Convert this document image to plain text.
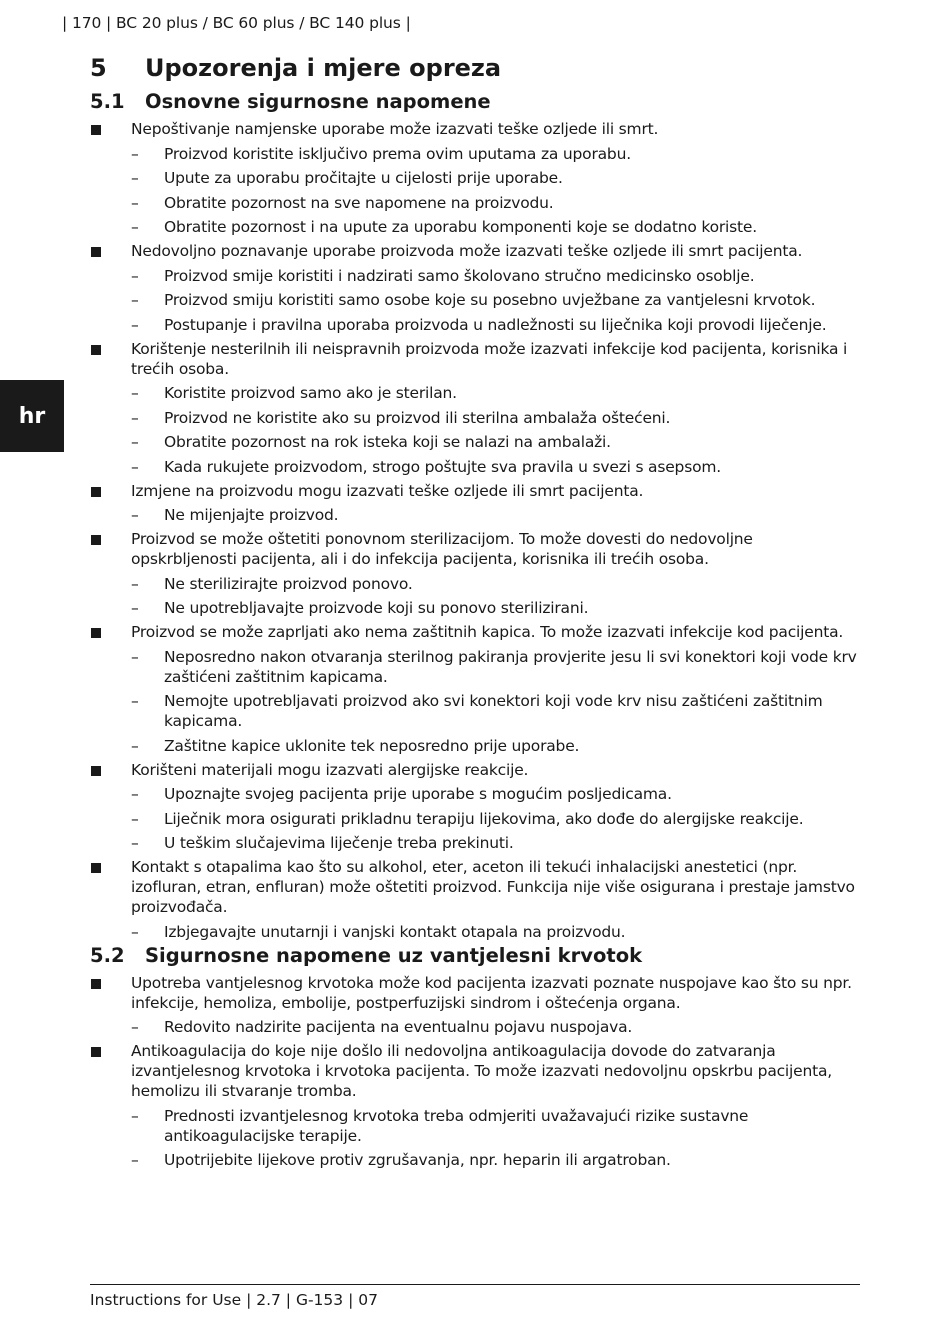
| 170 | BC 20 plus / BC 60 plus / BC 140 plus |
hr
5	Upozorenja i mjere opreza
5.1	Osnovne sigurnosne napomene
Nepoštivanje namjenske uporabe može izazvati teške ozljede ili smrt.
– Proizvod koristite isključivo prema ovim uputama za uporabu.
– Upute za uporabu pročitajte u cijelosti prije uporabe.
– Obratite pozornost na sve napomene na proizvodu.
– Obratite pozornost i na upute za uporabu komponenti koje se dodatno koriste.
Nedovoljno poznavanje uporabe proizvoda može izazvati teške ozljede ili smrt pacijenta.
– Proizvod smije koristiti i nadzirati samo školovano stručno medicinsko osoblje.
– Proizvod smiju koristiti samo osobe koje su posebno uvježbane za vantjelesni krvotok.
– Postupanje i pravilna uporaba proizvoda u nadležnosti su liječnika koji provodi liječenje.
Korištenje nesterilnih ili neispravnih proizvoda može izazvati infekcije kod pacijenta, korisnika i trećih osoba.
– Koristite proizvod samo ako je sterilan.
– Proizvod ne koristite ako su proizvod ili sterilna ambalaža oštećeni.
– Obratite pozornost na rok isteka koji se nalazi na ambalaži.
– Kada rukujete proizvodom, strogo poštujte sva pravila u svezi s asepsom.
Izmjene na proizvodu mogu izazvati teške ozljede ili smrt pacijenta.
– Ne mijenjajte proizvod.
Proizvod se može oštetiti ponovnom sterilizacijom. To može dovesti do nedovoljne opskrbljenosti pacijenta, ali i do infekcija pacijenta, korisnika ili trećih osoba.
– Ne sterilizirajte proizvod ponovo.
– Ne upotrebljavajte proizvode koji su ponovo sterilizirani.
Proizvod se može zaprljati ako nema zaštitnih kapica. To može izazvati infekcije kod pacijenta.
– Neposredno nakon otvaranja sterilnog pakiranja provjerite jesu li svi konektori koji vode krv zaštićeni zaštitnim kapicama.
– Nemojte upotrebljavati proizvod ako svi konektori koji vode krv nisu zaštićeni zaštitnim kapicama.
– Zaštitne kapice uklonite tek neposredno prije uporabe.
Korišteni materijali mogu izazvati alergijske reakcije.
– Upoznajte svojeg pacijenta prije uporabe s mogućim posljedicama.
– Liječnik mora osigurati prikladnu terapiju lijekovima, ako dođe do alergijske reakcije.
– U teškim slučajevima liječenje treba prekinuti.
Kontakt s otapalima kao što su alkohol, eter, aceton ili tekući inhalacijski anestetici (npr. izofluran, etran, enfluran) može oštetiti proizvod. Funkcija nije više osigurana i prestaje jamstvo proizvođača.
– Izbjegavajte unutarnji i vanjski kontakt otapala na proizvodu.
5.2	Sigurnosne napomene uz vantjelesni krvotok
Upotreba vantjelesnog krvotoka može kod pacijenta izazvati poznate nuspojave kao što su npr. infekcije, hemoliza, embolije, postperfuzijski sindrom i oštećenja organa.
– Redovito nadzirite pacijenta na eventualnu pojavu nuspojava.
Antikoagulacija do koje nije došlo ili nedovoljna antikoagulacija dovode do zatvaranja izvantjelesnog krvotoka i krvotoka pacijenta. To može izazvati nedovoljnu opskrbu pacijenta, hemolizu ili stvaranje tromba.
– Prednosti izvantjelesnog krvotoka treba odmjeriti uvažavajući rizike sustavne antikoagulacijske terapije.
– Upotrijebite lijekove protiv zgrušavanja, npr. heparin ili argatroban.
Instructions for Use | 2.7 | G-153 | 07
